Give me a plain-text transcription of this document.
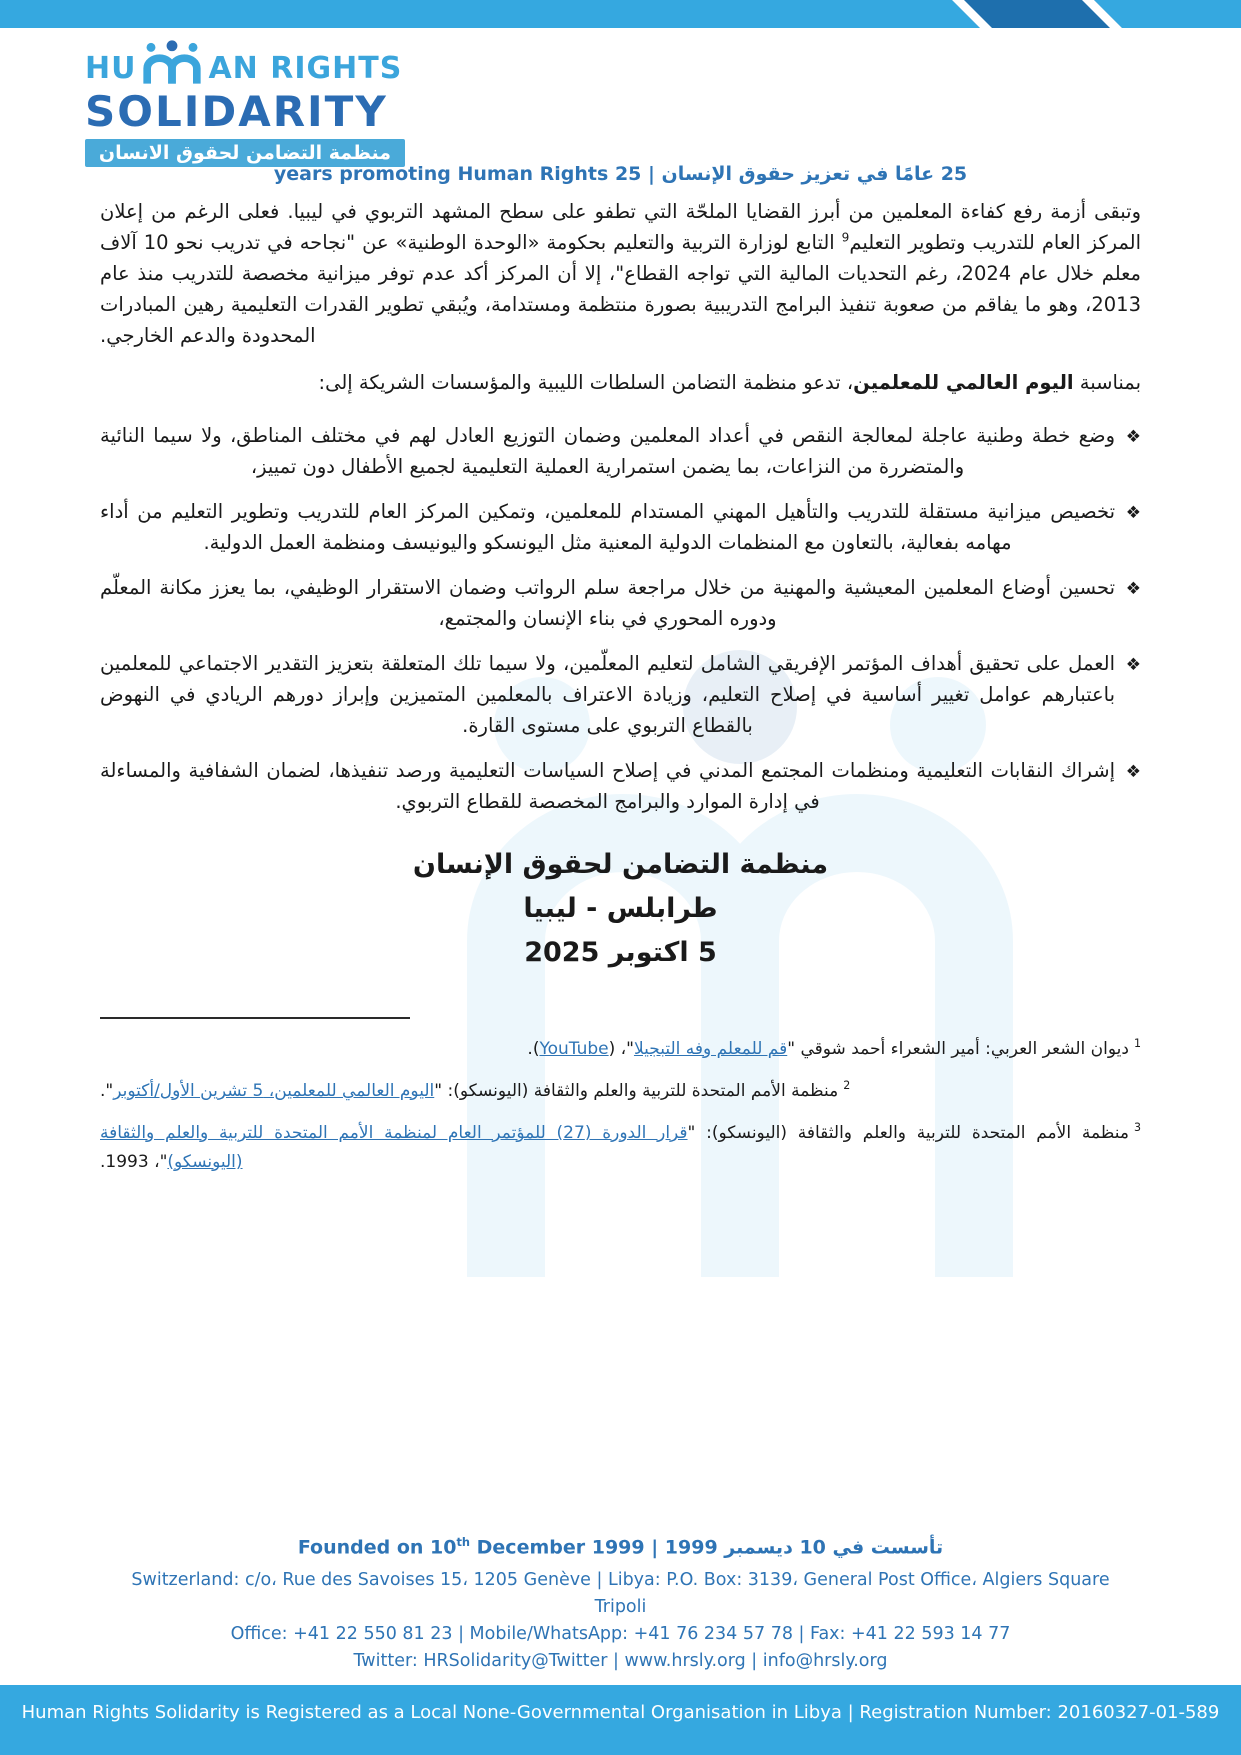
HU AN RIGHTS
SOLIDARITY
منظمة التضامن لحقوق الانسان
25 عامًا في تعزيز حقوق الإنسان | 25 years promoting Human Rights

وتبقى أزمة رفع كفاءة المعلمين من أبرز القضايا الملحّة التي تطفو على سطح المشهد التربوي في ليبيا. فعلى الرغم من إعلان المركز العام للتدريب وتطوير التعليم$^9$ التابع لوزارة التربية والتعليم بحكومة «الوحدة الوطنية» عن "نجاحه في تدريب نحو 10 آلاف معلم خلال عام 2024، رغم التحديات المالية التي تواجه القطاع"، إلا أن المركز أكد عدم توفر ميزانية مخصصة للتدريب منذ عام 2013، وهو ما يفاقم من صعوبة تنفيذ البرامج التدريبية بصورة منتظمة ومستدامة، ويُبقي تطوير القدرات التعليمية رهين المبادرات المحدودة والدعم الخارجي.

بمناسبة اليوم العالمي للمعلمين، تدعو منظمة التضامن السلطات الليبية والمؤسسات الشريكة إلى:

❖
وضع خطة وطنية عاجلة لمعالجة النقص في أعداد المعلمين وضمان التوزيع العادل لهم في مختلف المناطق، ولا سيما النائية والمتضررة من النزاعات، بما يضمن استمرارية العملية التعليمية لجميع الأطفال دون تمييز،
❖
تخصيص ميزانية مستقلة للتدريب والتأهيل المهني المستدام للمعلمين، وتمكين المركز العام للتدريب وتطوير التعليم من أداء مهامه بفعالية، بالتعاون مع المنظمات الدولية المعنية مثل اليونسكو واليونيسف ومنظمة العمل الدولية.
❖
تحسين أوضاع المعلمين المعيشية والمهنية من خلال مراجعة سلم الرواتب وضمان الاستقرار الوظيفي، بما يعزز مكانة المعلّم ودوره المحوري في بناء الإنسان والمجتمع،
❖
العمل على تحقيق أهداف المؤتمر الإفريقي الشامل لتعليم المعلّمين، ولا سيما تلك المتعلقة بتعزيز التقدير الاجتماعي للمعلمين باعتبارهم عوامل تغيير أساسية في إصلاح التعليم، وزيادة الاعتراف بالمعلمين المتميزين وإبراز دورهم الريادي في النهوض بالقطاع التربوي على مستوى القارة.
❖
إشراك النقابات التعليمية ومنظمات المجتمع المدني في إصلاح السياسات التعليمية ورصد تنفيذها، لضمان الشفافية والمساءلة في إدارة الموارد والبرامج المخصصة للقطاع التربوي.
منظمة التضامن لحقوق الإنسان
طرابلس - ليبيا
5 اكتوبر 2025

$^1$ديوان الشعر العربي: أمير الشعراء أحمد شوقي "قم للمعلم وفه التبجيلا"، (YouTube).

$^2$منظمة الأمم المتحدة للتربية والعلم والثقافة (اليونسكو): "اليوم العالمي للمعلمين، 5 تشرين الأول/أكتوبر".

$^3$منظمة الأمم المتحدة للتربية والعلم والثقافة (اليونسكو): "قرار الدورة (27) للمؤتمر العام لمنظمة الأمم المتحدة للتربية والعلم والثقافة (اليونسكو)"، 1993.

Founded on 10th December 1999 | تأسست في 10 ديسمبر 1999
Switzerland: c/o، Rue des Savoises 15، 1205 Genève | Libya: P.O. Box: 3139، General Post Office، Algiers Square
Tripoli
Office: +41 22 550 81 23 | Mobile/WhatsApp: +41 76 234 57 78 | Fax: +41 22 593 14 77
Twitter: HRSolidarity@Twitter | www.hrsly.org | info@hrsly.org
Human Rights Solidarity is Registered as a Local None-Governmental Organisation in Libya | Registration Number: 20160327-01-589
